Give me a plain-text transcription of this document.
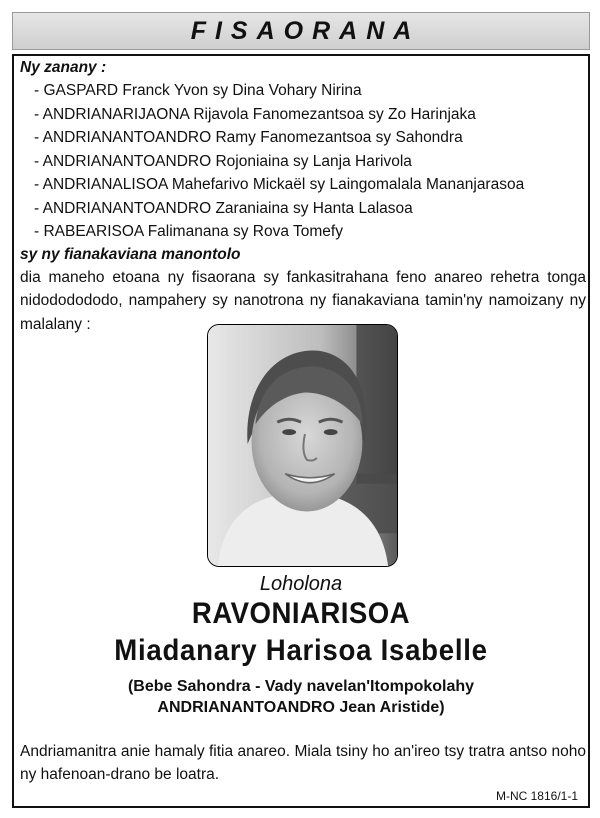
FISAORANA
Ny zanany :
- GASPARD Franck Yvon sy Dina Vohary Nirina
- ANDRIANARIJAONA Rijavola Fanomezantsoa sy Zo Harinjaka
- ANDRIANANTOANDRO Ramy Fanomezantsoa sy Sahondra
- ANDRIANANTOANDRO Rojoniaina sy Lanja Harivola
- ANDRIANALISOA Mahefarivo Mickaël sy Laingomalala Mananjarasoa
- ANDRIANANTOANDRO Zaraniaina sy Hanta Lalasoa
- RABEARISOA Falimanana sy Rova Tomefy
sy ny fianakaviana manontolo

dia maneho etoana ny fisaorana sy fankasitrahana feno anareo rehetra tonga nidododododo, nampahery sy nanotrona ny fianakaviana tamin'ny namoizany ny malalany :

Loholona
RAVONIARISOA
Miadanary Harisoa Isabelle
(Bebe Sahondra - Vady navelan'Itompokolahy ANDRIANANTOANDRO Jean Aristide)
Andriamanitra anie hamaly fitia anareo. Miala tsiny ho an'ireo tsy tratra antso noho ny hafenoan-drano be loatra.
M-NC 1816/1-1
